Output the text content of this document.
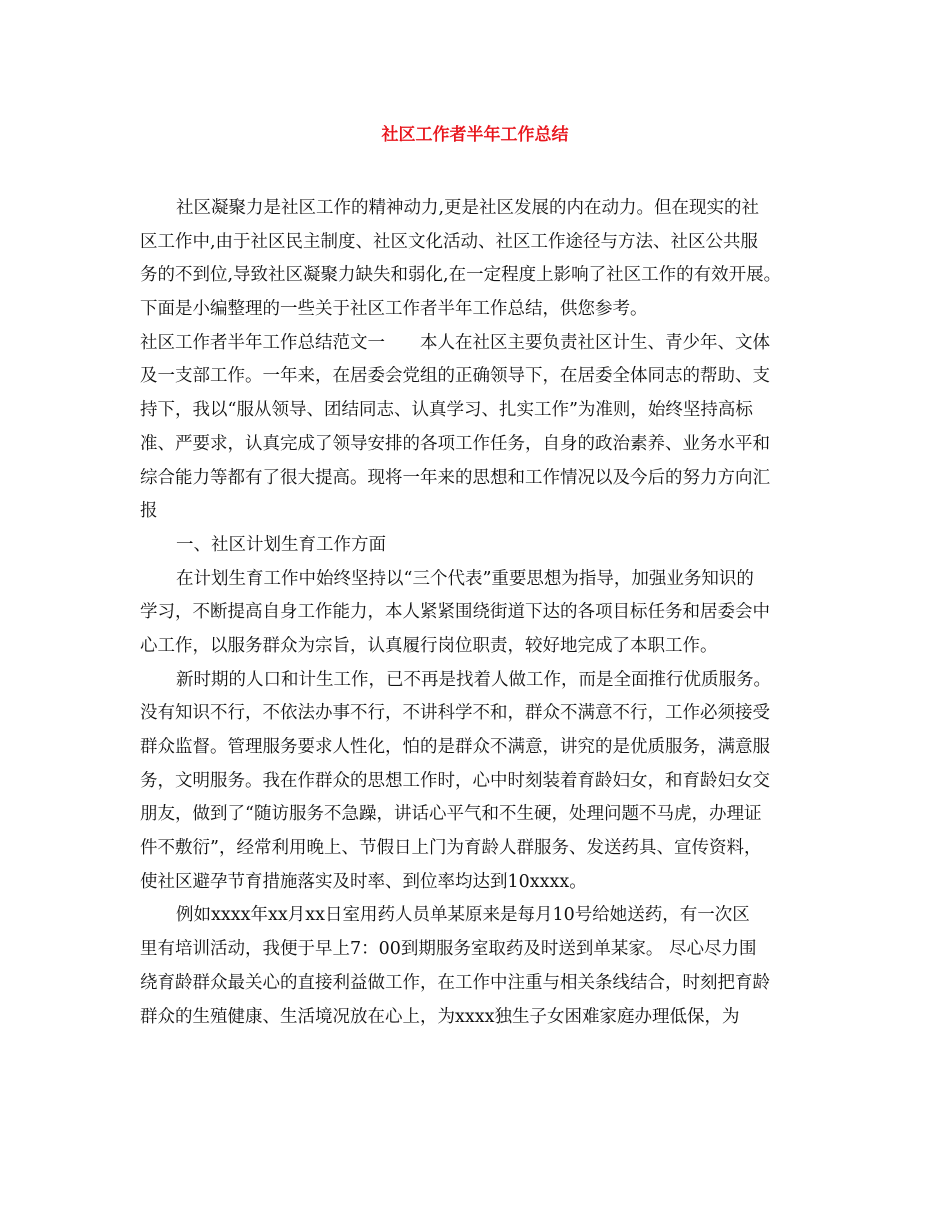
社区工作者半年工作总结
社区凝聚力是社区工作的精神动力,更是社区发展的内在动力。但在现实的社
区工作中,由于社区民主制度、社区文化活动、社区工作途径与方法、社区公共服
务的不到位,导致社区凝聚力缺失和弱化,在一定程度上影响了社区工作的有效开展。
下面是小编整理的一些关于社区工作者半年工作总结，供您参考。
社区工作者半年工作总结范文一　　本人在社区主要负责社区计生、青少年、文体
及一支部工作。一年来，在居委会党组的正确领导下，在居委全体同志的帮助、支
持下，我以“服从领导、团结同志、认真学习、扎实工作”为准则，始终坚持高标
准、严要求，认真完成了领导安排的各项工作任务，自身的政治素养、业务水平和
综合能力等都有了很大提高。现将一年来的思想和工作情况以及今后的努力方向汇
报
一、社区计划生育工作方面
在计划生育工作中始终坚持以“三个代表”重要思想为指导，加强业务知识的
学习，不断提高自身工作能力，本人紧紧围绕街道下达的各项目标任务和居委会中
心工作，以服务群众为宗旨，认真履行岗位职责，较好地完成了本职工作。
新时期的人口和计生工作，已不再是找着人做工作，而是全面推行优质服务。
没有知识不行，不依法办事不行，不讲科学不和，群众不满意不行，工作必须接受
群众监督。管理服务要求人性化，怕的是群众不满意，讲究的是优质服务，满意服
务，文明服务。我在作群众的思想工作时，心中时刻装着育龄妇女，和育龄妇女交
朋友，做到了“随访服务不急躁，讲话心平气和不生硬，处理问题不马虎，办理证
件不敷衍”，经常利用晚上、节假日上门为育龄人群服务、发送药具、宣传资料，
使社区避孕节育措施落实及时率、到位率均达到10xxxx。
例如xxxx年xx月xx日室用药人员单某原来是每月10号给她送药，有一次区
里有培训活动，我便于早上7：00到期服务室取药及时送到单某家。 尽心尽力围
绕育龄群众最关心的直接利益做工作，在工作中注重与相关条线结合，时刻把育龄
群众的生殖健康、生活境况放在心上，为xxxx独生子女困难家庭办理低保，为
